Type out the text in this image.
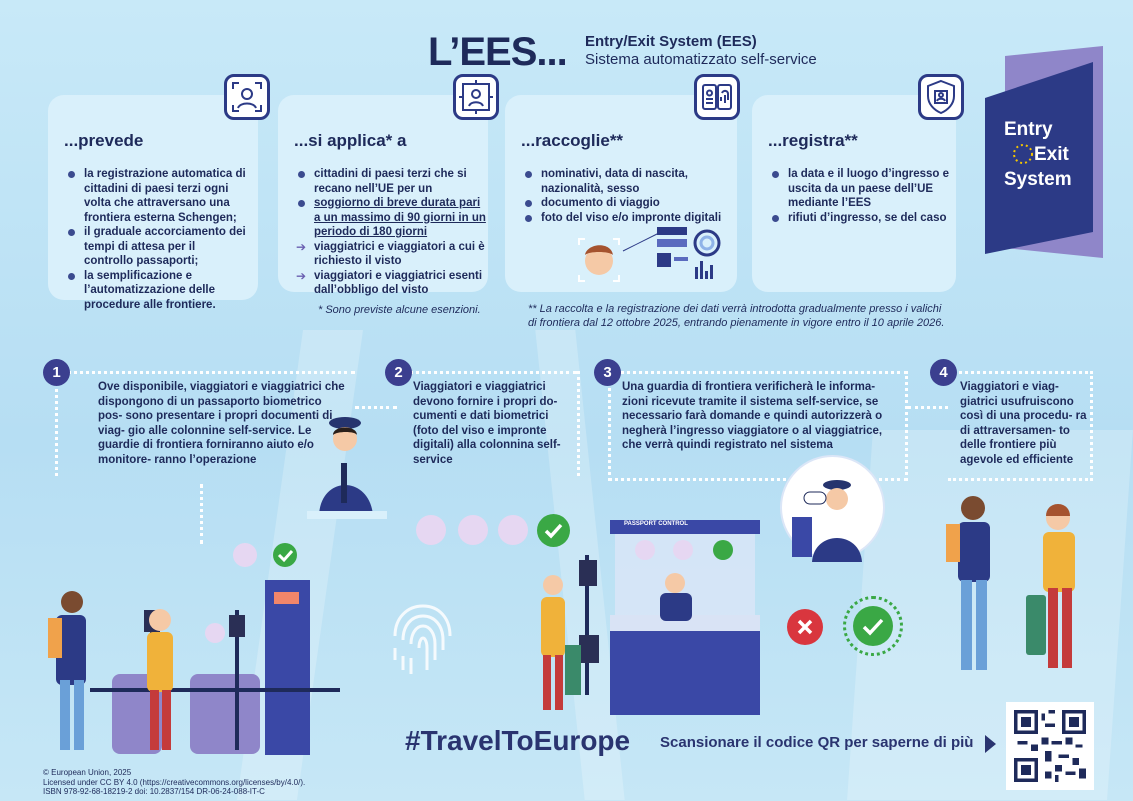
L’EES... Entry/Exit System (EES)
Sistema automatizzato self-service
Entry
Exit
System
...prevede
la registrazione automatica di cittadini di paesi terzi ogni volta che attraversano una frontiera esterna Schengen;
il graduale accorciamento dei tempi di attesa per il controllo passaporti;
la semplificazione e l’automatizzazione delle procedure alle frontiere.
...si applica* a
cittadini di paesi terzi che si recano nell’UE per un
soggiorno di breve durata pari a un massimo di 90 giorni in un periodo di 180 giorni
➔ viaggiatrici e viaggiatori a cui è richiesto il visto
➔ viaggiatori e viaggiatrici esenti dall’obbligo del visto
...raccoglie**
nominativi, data di nascita, nazionalità, sesso
documento di viaggio
foto del viso e/o impronte digitali
...registra**
la data e il luogo d’ingresso e uscita da un paese dell’UE mediante l’EES
rifiuti d’ingresso, se del caso
* Sono previste alcune esenzioni.	** La raccolta e la registrazione dei dati verrà introdotta gradualmente presso i valichi di frontiera dal 12 ottobre 2025, entrando pienamente in vigore entro il 10 aprile 2026.
1	2	3	4
Ove disponibile, viaggiatori e viaggiatrici che dispongono di un passaporto biometrico pos- sono presentare i propri documenti di viag- gio alle colonnine self-service. Le guardie di frontiera forniranno aiuto e/o monitore- ranno l’operazione
Viaggiatori e viaggiatrici devono fornire i propri do- cumenti e dati biometrici (foto del viso e impronte digitali) alla colonnina self-service
Una guardia di frontiera verificherà le informa- zioni ricevute tramite il sistema self-service, se necessario farà domande e quindi autorizzerà o negherà l’ingresso viaggiatore o al viaggiatrice, che verrà quindi registrato nel sistema
Viaggiatori e viag- giatrici usufruiscono così di una procedu- ra di attraversamen- to delle frontiere più agevole ed efficiente
PASSPORT CONTROL
#TravelToEurope Scansionare il codice QR per saperne di più
© European Union, 2025
Licensed under CC BY 4.0 (https://creativecommons.org/licenses/by/4.0/).
ISBN 978-92-68-18219-2 doi: 10.2837/154 DR-06-24-088-IT-C
